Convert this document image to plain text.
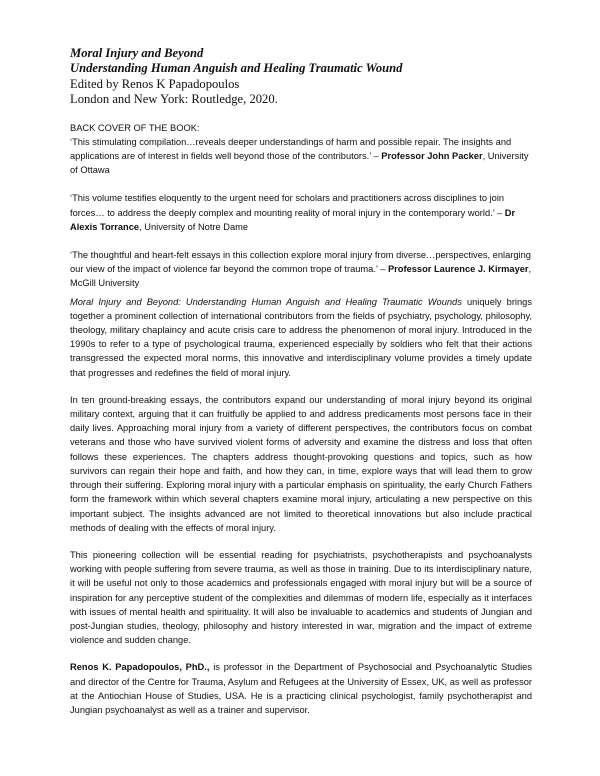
Moral Injury and Beyond
Understanding Human Anguish and Healing Traumatic Wound
Edited by Renos K Papadopoulos
London and New York: Routledge, 2020.

BACK COVER OF THE BOOK:

‘This stimulating compilation…reveals deeper understandings of harm and possible repair. The insights and applications are of interest in fields well beyond those of the contributors.’ – Professor John Packer, University of Ottawa

‘This volume testifies eloquently to the urgent need for scholars and practitioners across disciplines to join forces… to address the deeply complex and mounting reality of moral injury in the contemporary world.’ – Dr Alexis Torrance, University of Notre Dame

‘The thoughtful and heart-felt essays in this collection explore moral injury from diverse…perspectives, enlarging our view of the impact of violence far beyond the common trope of trauma.’ – Professor Laurence J. Kirmayer, McGill University

Moral Injury and Beyond: Understanding Human Anguish and Healing Traumatic Wounds uniquely brings together a prominent collection of international contributors from the fields of psychiatry, psychology, philosophy, theology, military chaplaincy and acute crisis care to address the phenomenon of moral injury. Introduced in the 1990s to refer to a type of psychological trauma, experienced especially by soldiers who felt that their actions transgressed the expected moral norms, this innovative and interdisciplinary volume provides a timely update that progresses and redefines the field of moral injury.

In ten ground-breaking essays, the contributors expand our understanding of moral injury beyond its original military context, arguing that it can fruitfully be applied to and address predicaments most persons face in their daily lives. Approaching moral injury from a variety of different perspectives, the contributors focus on combat veterans and those who have survived violent forms of adversity and examine the distress and loss that often follows these experiences. The chapters address thought-provoking questions and topics, such as how survivors can regain their hope and faith, and how they can, in time, explore ways that will lead them to grow through their suffering. Exploring moral injury with a particular emphasis on spirituality, the early Church Fathers form the framework within which several chapters examine moral injury, articulating a new perspective on this important subject. The insights advanced are not limited to theoretical innovations but also include practical methods of dealing with the effects of moral injury.

This pioneering collection will be essential reading for psychiatrists, psychotherapists and psychoanalysts working with people suffering from severe trauma, as well as those in training. Due to its interdisciplinary nature, it will be useful not only to those academics and professionals engaged with moral injury but will be a source of inspiration for any perceptive student of the complexities and dilemmas of modern life, especially as it interfaces with issues of mental health and spirituality. It will also be invaluable to academics and students of Jungian and post-Jungian studies, theology, philosophy and history interested in war, migration and the impact of extreme violence and sudden change.

Renos K. Papadopoulos, PhD., is professor in the Department of Psychosocial and Psychoanalytic Studies and director of the Centre for Trauma, Asylum and Refugees at the University of Essex, UK, as well as professor at the Antiochian House of Studies, USA. He is a practicing clinical psychologist, family psychotherapist and Jungian psychoanalyst as well as a trainer and supervisor.
